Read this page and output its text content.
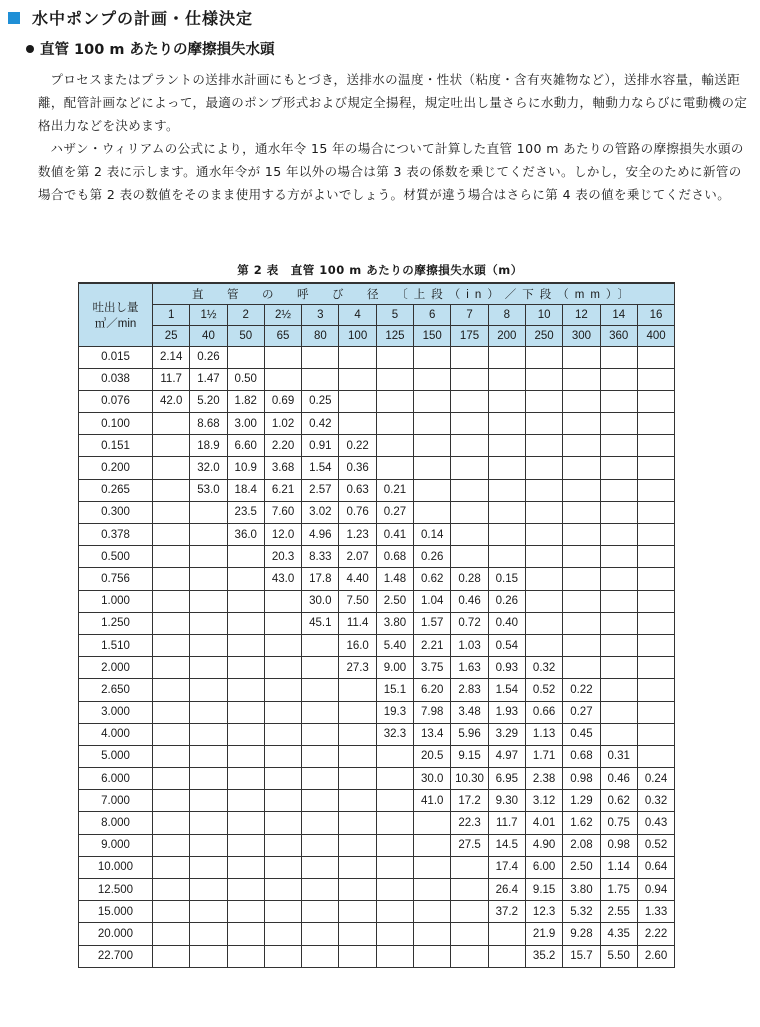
水中ポンプの計画・仕様決定
直管 100 m あたりの摩擦損失水頭

プロセスまたはプラントの送排水計画にもとづき，送排水の温度・性状（粘度・含有夾雑物など），送排水容量，輸送距離，配管計画などによって，最適のポンプ形式および規定全揚程，規定吐出し量さらに水動力，軸動力ならびに電動機の定格出力などを決めます。

ハザン・ウィリアムの公式により，通水年令 15 年の場合について計算した直管 100 m あたりの管路の摩擦損失水頭の数値を第 2 表に示します。通水年令が 15 年以外の場合は第 3 表の係数を乗じてください。しかし，安全のために新管の場合でも第 2 表の数値をそのまま使用する方がよいでしょう。材質が違う場合はさらに第 4 表の値を乗じてください。

第 2 表　直管 100 m あたりの摩擦損失水頭（m）
吐出し量
㎥／min	直　管　の　呼　び　径　〔上段（in）／下段（mm）〕													
	1	1½	2	2½	3	4	5	6	7	8	10	12	14	16
	25	40	50	65	80	100	125	150	175	200	250	300	360	400
0.015	2.14	0.26												
0.038	11.7	1.47	0.50											
0.076	42.0	5.20	1.82	0.69	0.25									
0.100		8.68	3.00	1.02	0.42									
0.151		18.9	6.60	2.20	0.91	0.22								
0.200		32.0	10.9	3.68	1.54	0.36								
0.265		53.0	18.4	6.21	2.57	0.63	0.21							
0.300			23.5	7.60	3.02	0.76	0.27							
0.378			36.0	12.0	4.96	1.23	0.41	0.14						
0.500				20.3	8.33	2.07	0.68	0.26						
0.756				43.0	17.8	4.40	1.48	0.62	0.28	0.15				
1.000					30.0	7.50	2.50	1.04	0.46	0.26				
1.250					45.1	11.4	3.80	1.57	0.72	0.40				
1.510						16.0	5.40	2.21	1.03	0.54				
2.000						27.3	9.00	3.75	1.63	0.93	0.32			
2.650							15.1	6.20	2.83	1.54	0.52	0.22		
3.000							19.3	7.98	3.48	1.93	0.66	0.27		
4.000							32.3	13.4	5.96	3.29	1.13	0.45		
5.000								20.5	9.15	4.97	1.71	0.68	0.31	
6.000								30.0	10.30	6.95	2.38	0.98	0.46	0.24
7.000								41.0	17.2	9.30	3.12	1.29	0.62	0.32
8.000									22.3	11.7	4.01	1.62	0.75	0.43
9.000									27.5	14.5	4.90	2.08	0.98	0.52
10.000										17.4	6.00	2.50	1.14	0.64
12.500										26.4	9.15	3.80	1.75	0.94
15.000										37.2	12.3	5.32	2.55	1.33
20.000											21.9	9.28	4.35	2.22
22.700											35.2	15.7	5.50	2.60
